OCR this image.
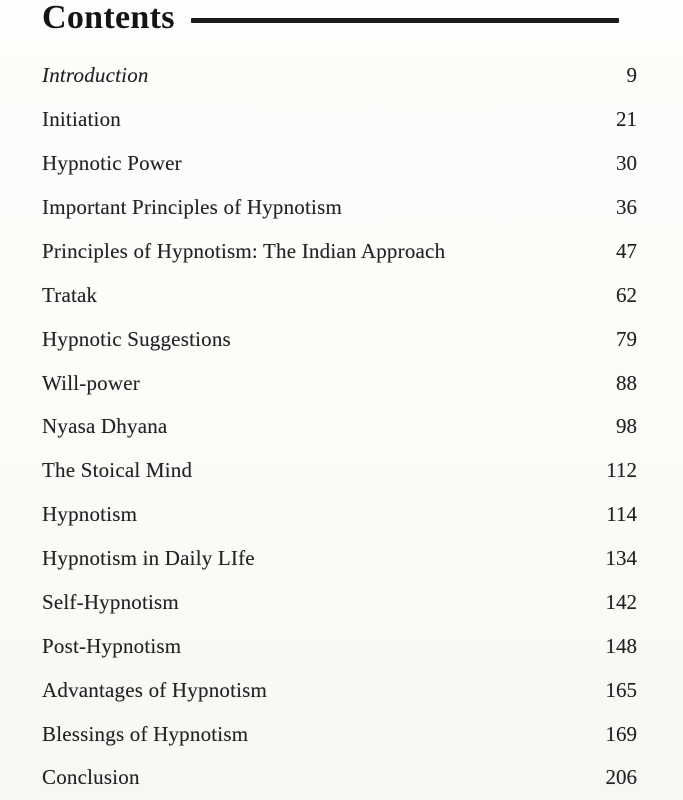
Contents
Introduction	9
Initiation	21
Hypnotic Power	30
Important Principles of Hypnotism	36
Principles of Hypnotism: The Indian Approach	47
Tratak	62
Hypnotic Suggestions	79
Will-power	88
Nyasa Dhyana	98
The Stoical Mind	112
Hypnotism	114
Hypnotism in Daily LIfe	134
Self-Hypnotism	142
Post-Hypnotism	148
Advantages of Hypnotism	165
Blessings of Hypnotism	169
Conclusion	206
